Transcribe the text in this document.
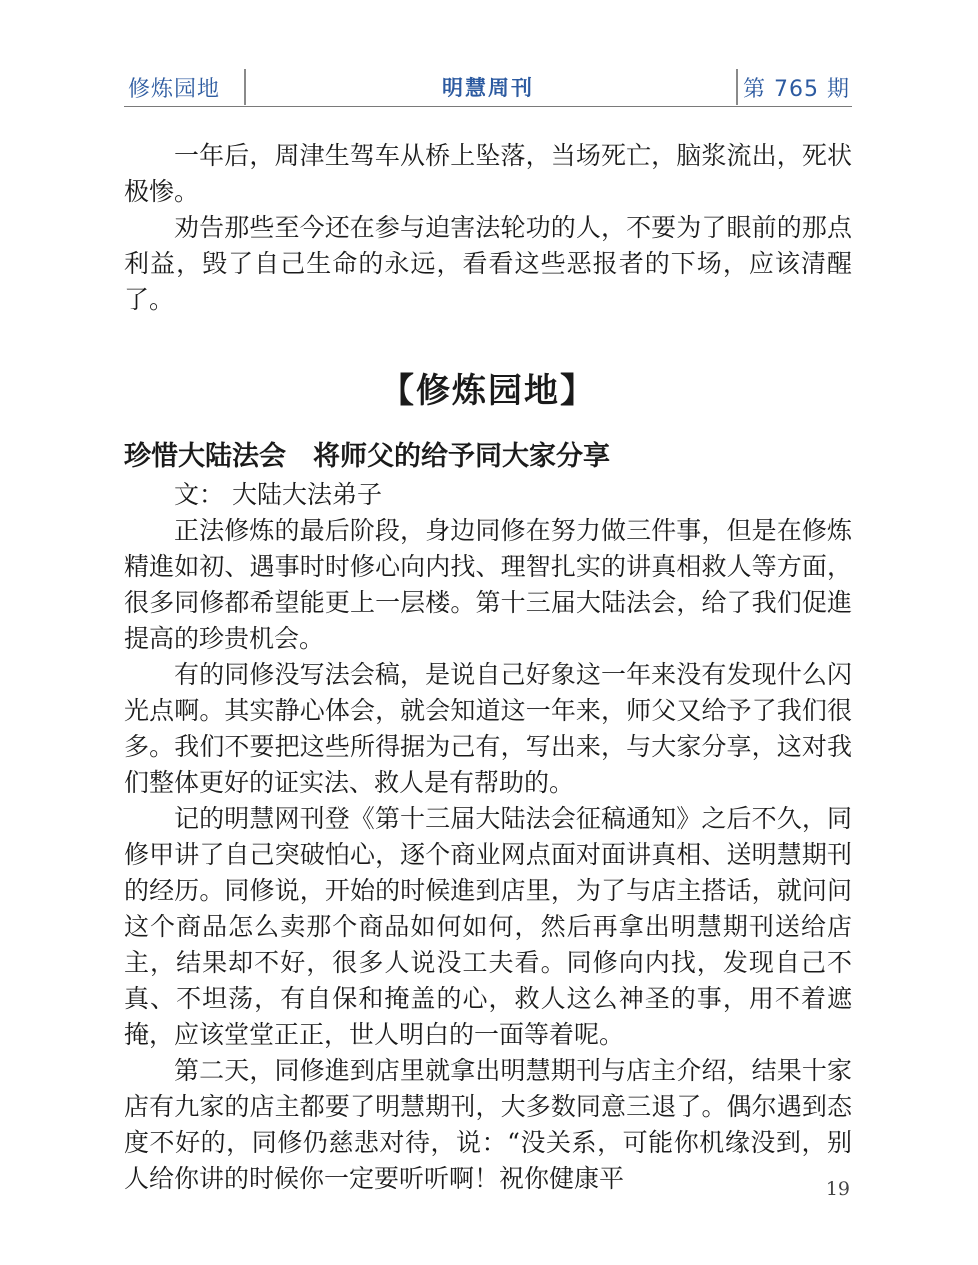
修炼园地	明慧周刊	第 765 期

一年后，周津生驾车从桥上坠落，当场死亡，脑浆流出，死状极惨。

劝告那些至今还在参与迫害法轮功的人，不要为了眼前的那点利益，毁了自己生命的永远，看看这些恶报者的下场，应该清醒了。

【修炼园地】
珍惜大陆法会　将师父的给予同大家分享

文： 大陆大法弟子

正法修炼的最后阶段，身边同修在努力做三件事，但是在修炼精進如初、遇事时时修心向内找、理智扎实的讲真相救人等方面，很多同修都希望能更上一层楼。第十三届大陆法会，给了我们促進提高的珍贵机会。

有的同修没写法会稿，是说自己好象这一年来没有发现什么闪光点啊。其实静心体会，就会知道这一年来，师父又给予了我们很多。我们不要把这些所得据为己有，写出来，与大家分享，这对我们整体更好的证实法、救人是有帮助的。

记的明慧网刊登《第十三届大陆法会征稿通知》之后不久，同修甲讲了自己突破怕心，逐个商业网点面对面讲真相、送明慧期刊的经历。同修说，开始的时候進到店里，为了与店主搭话，就问问这个商品怎么卖那个商品如何如何，然后再拿出明慧期刊送给店主，结果却不好，很多人说没工夫看。同修向内找，发现自己不真、不坦荡，有自保和掩盖的心，救人这么神圣的事，用不着遮掩，应该堂堂正正，世人明白的一面等着呢。

第二天，同修進到店里就拿出明慧期刊与店主介绍，结果十家店有九家的店主都要了明慧期刊，大多数同意三退了。偶尔遇到态度不好的，同修仍慈悲对待，说：“没关系，可能你机缘没到，别人给你讲的时候你一定要听听啊！祝你健康平	19
